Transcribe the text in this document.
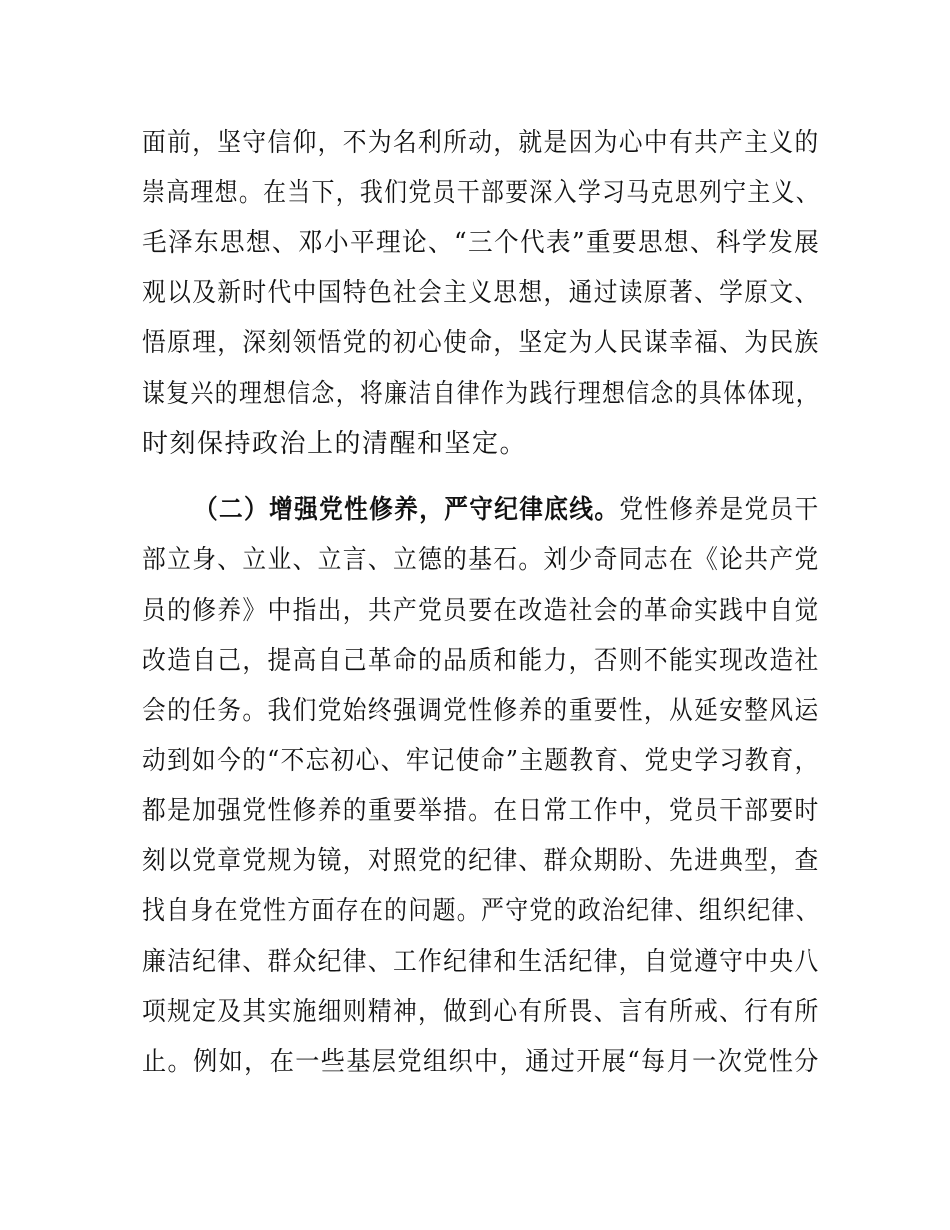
面前，坚守信仰，不为名利所动，就是因为心中有共产主义的
崇高理想。在当下，我们党员干部要深入学习马克思列宁主义、
毛泽东思想、邓小平理论、“三个代表”重要思想、科学发展
观以及新时代中国特色社会主义思想，通过读原著、学原文、
悟原理，深刻领悟党的初心使命，坚定为人民谋幸福、为民族
谋复兴的理想信念，将廉洁自律作为践行理想信念的具体体现，
时刻保持政治上的清醒和坚定。
（二）增强党性修养，严守纪律底线。党性修养是党员干
部立身、立业、立言、立德的基石。刘少奇同志在《论共产党
员的修养》中指出，共产党员要在改造社会的革命实践中自觉
改造自己，提高自己革命的品质和能力，否则不能实现改造社
会的任务。我们党始终强调党性修养的重要性，从延安整风运
动到如今的“不忘初心、牢记使命”主题教育、党史学习教育，
都是加强党性修养的重要举措。在日常工作中，党员干部要时
刻以党章党规为镜，对照党的纪律、群众期盼、先进典型，查
找自身在党性方面存在的问题。严守党的政治纪律、组织纪律、
廉洁纪律、群众纪律、工作纪律和生活纪律，自觉遵守中央八
项规定及其实施细则精神，做到心有所畏、言有所戒、行有所
止。例如，在一些基层党组织中，通过开展“每月一次党性分
